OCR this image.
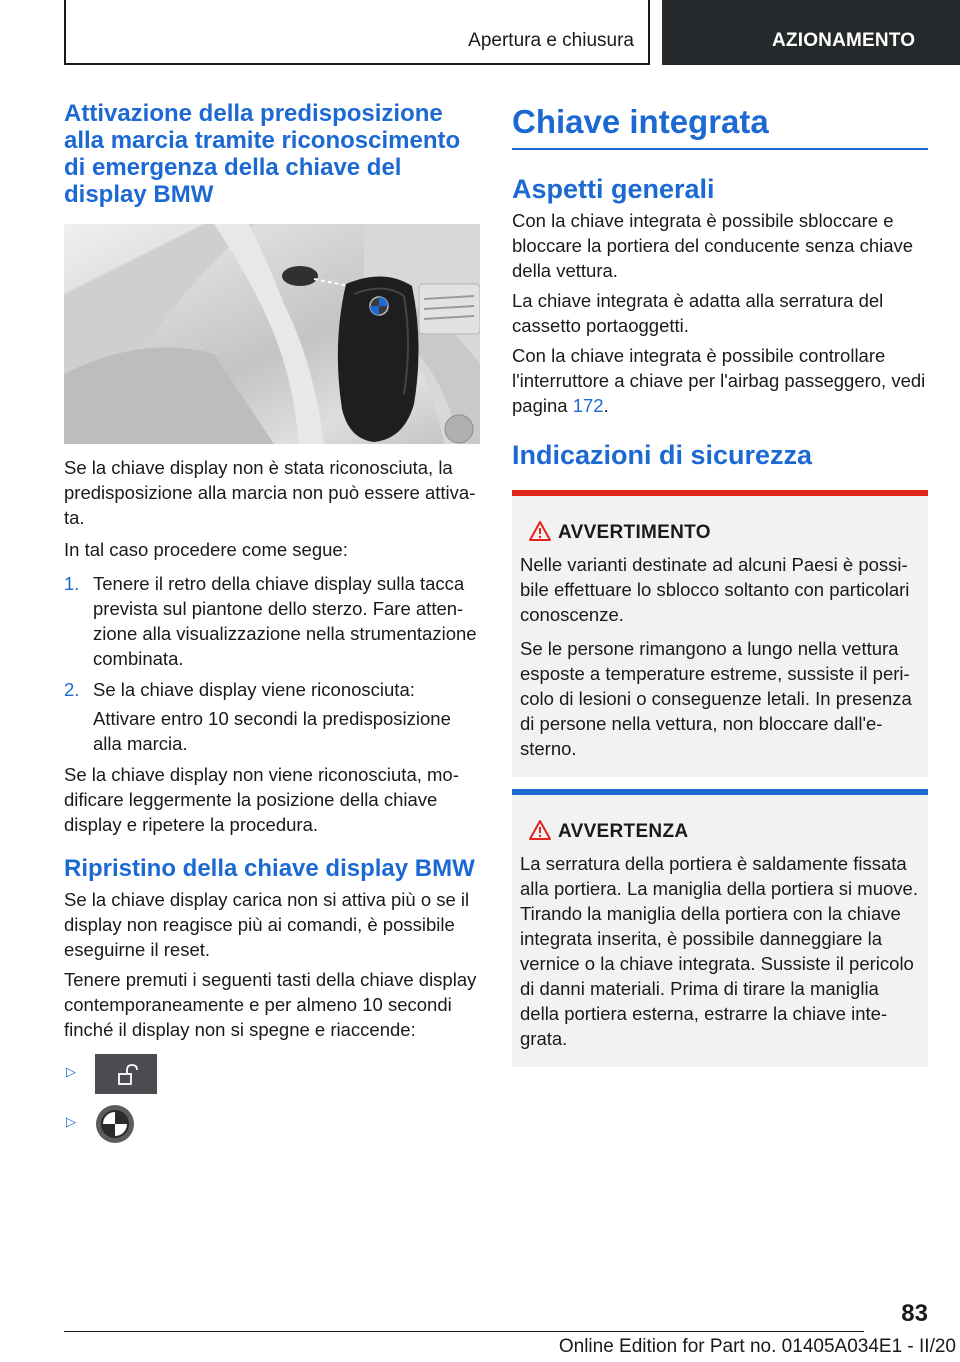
Apertura e chiusura	AZIONAMENTO
Attivazione della predisposizione alla marcia tramite riconoscimento di emergenza della chiave del display BMW

Se la chiave display non è stata riconosciuta, la predisposizione alla marcia non può essere attivata.

In tal caso procedere come segue:

1. Tenere il retro della chiave display sulla tacca prevista sul piantone dello sterzo. Fare attenzione alla visualizzazione nella strumentazione combinata.
2. Se la chiave display viene riconosciuta:
Attivare entro 10 secondi la predisposizione alla marcia.

Se la chiave display non viene riconosciuta, modificare leggermente la posizione della chiave display e ripetere la procedura.

Ripristino della chiave display BMW

Se la chiave display carica non si attiva più o se il display non reagisce più ai comandi, è possibile eseguirne il reset.

Tenere premuti i seguenti tasti della chiave display contemporaneamente e per almeno 10 secondi finché il display non si spegne e riaccende:

▷
▷
Chiave integrata
Aspetti generali

Con la chiave integrata è possibile sbloccare e bloccare la portiera del conducente senza chiave della vettura.

La chiave integrata è adatta alla serratura del cassetto portaoggetti.

Con la chiave integrata è possibile controllare l'interruttore a chiave per l'airbag passeggero, vedi pagina 172.

Indicazioni di sicurezza
AVVERTIMENTO

Nelle varianti destinate ad alcuni Paesi è possibile effettuare lo sblocco soltanto con particolari conoscenze.

Se le persone rimangono a lungo nella vettura esposte a temperature estreme, sussiste il pericolo di lesioni o conseguenze letali. In presenza di persone nella vettura, non bloccare dall'esterno.

AVVERTENZA

La serratura della portiera è saldamente fissata alla portiera. La maniglia della portiera si muove. Tirando la maniglia della portiera con la chiave integrata inserita, è possibile danneggiare la vernice o la chiave integrata. Sussiste il pericolo di danni materiali. Prima di tirare la maniglia della portiera esterna, estrarre la chiave integrata.

83
Online Edition for Part no. 01405A034E1 - II/20
